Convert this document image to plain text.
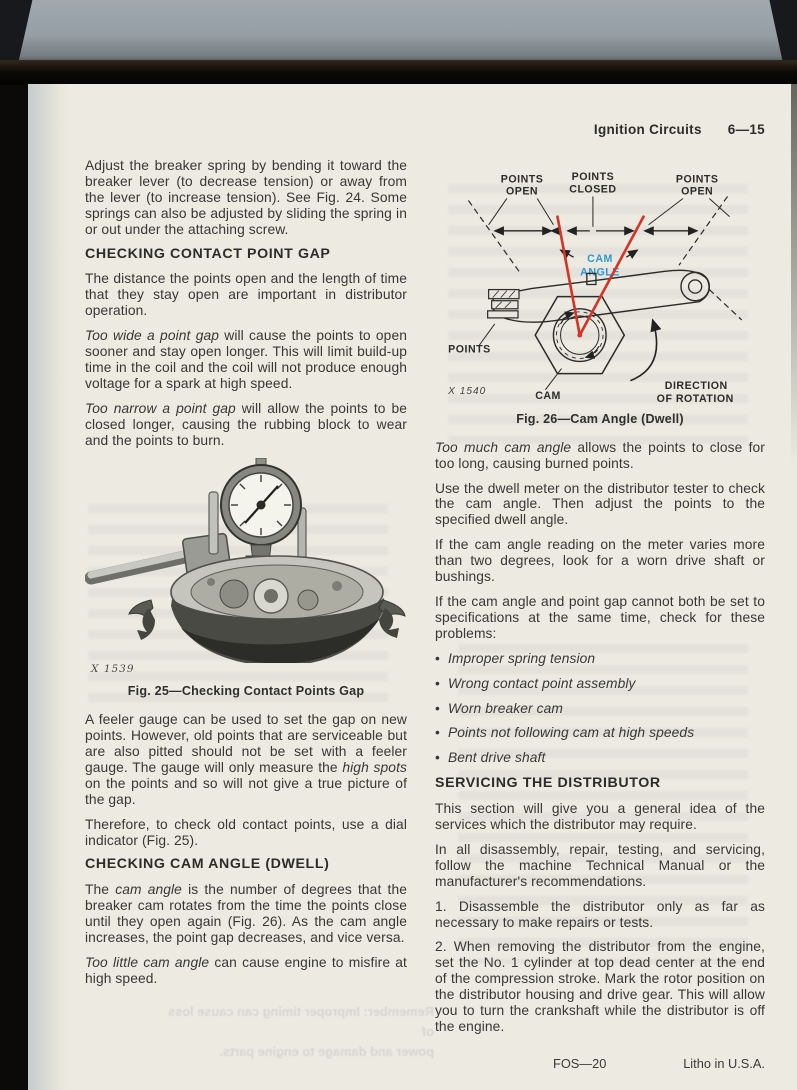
Adjust the breaker spring by bending it toward the breaker lever (to decrease tension) or away from the lever (to increase tension). See Fig. 24. Some springs can also be adjusted by sliding the spring in or out under the attaching screw.

CHECKING CONTACT POINT GAP

The distance the points open and the length of time that they stay open are important in distributor operation.

Too wide a point gap will cause the points to open sooner and stay open longer. This will limit build-up time in the coil and the coil will not produce enough voltage for a spark at high speed.

Too narrow a point gap will allow the points to be closed longer, causing the rubbing block to wear and the points to burn.

X 1539
Fig. 25—Checking Contact Points Gap

A feeler gauge can be used to set the gap on new points. However, old points that are serviceable but are also pitted should not be set with a feeler gauge. The gauge will only measure the high spots on the points and so will not give a true picture of the gap.

Therefore, to check old contact points, use a dial indicator (Fig. 25).

CHECKING CAM ANGLE (DWELL)

The cam angle is the number of degrees that the breaker cam rotates from the time the points close until they open again (Fig. 26). As the cam angle increases, the point gap decreases, and vice versa.

Too little cam angle can cause engine to misfire at high speed.

Ignition Circuits 6—15
POINTS
OPEN
POINTS
CLOSED
POINTS
OPEN
CAM
ANGLE
POINTS
CAM
DIRECTION
OF ROTATION
X 1540
Fig. 26—Cam Angle (Dwell)

Too much cam angle allows the points to close for too long, causing burned points.

Use the dwell meter on the distributor tester to check the cam angle. Then adjust the points to the specified dwell angle.

If the cam angle reading on the meter varies more than two degrees, look for a worn drive shaft or bushings.

If the cam angle and point gap cannot both be set to specifications at the same time, check for these problems:

• Improper spring tension
• Wrong contact point assembly
• Worn breaker cam
• Points not following cam at high speeds
• Bent drive shaft
SERVICING THE DISTRIBUTOR

This section will give you a general idea of the services which the distributor may require.

In all disassembly, repair, testing, and servicing, follow the machine Technical Manual or the manufacturer's recommendations.

1. Disassemble the distributor only as far as necessary to make repairs or tests.

2. When removing the distributor from the engine, set the No. 1 cylinder at top dead center at the end of the compression stroke. Mark the rotor position on the distributor housing and drive gear. This will allow you to turn the crankshaft while the distributor is off the engine.

FOS—20	Litho in U.S.A.
Remember: Improper timing can cause loss of
power and damage to engine parts.
